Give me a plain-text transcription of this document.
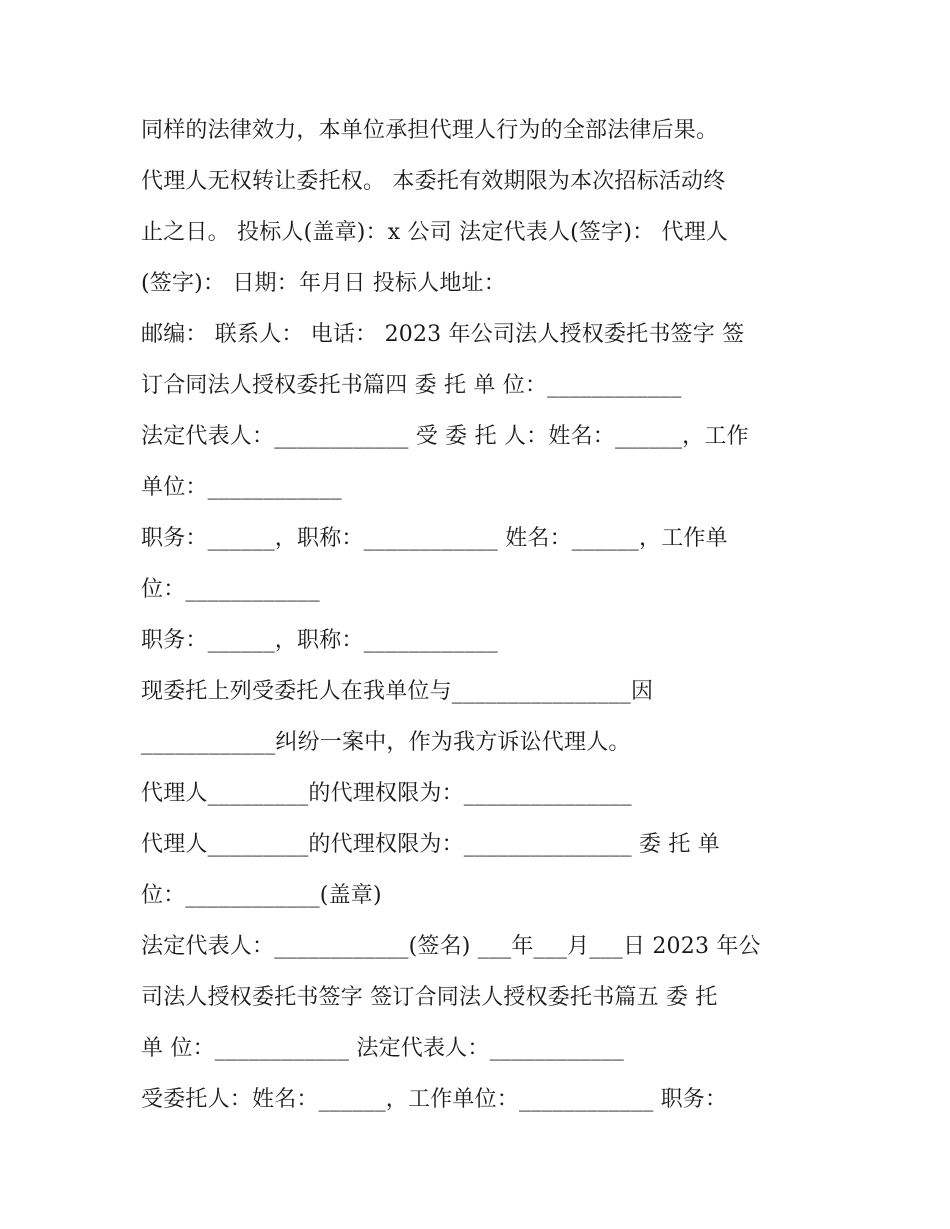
同样的法律效力，本单位承担代理人行为的全部法律后果。
代理人无权转让委托权。 本委托有效期限为本次招标活动终
止之日。 投标人(盖章)：x 公司 法定代表人(签字)： 代理人
(签字)： 日期：年月日 投标人地址：
邮编： 联系人： 电话： 2023 年公司法人授权委托书签字 签
订合同法人授权委托书篇四 委 托 单 位：____________
法定代表人：____________ 受 委 托 人：姓名：______，工作
单位：____________
职务：______，职称：____________ 姓名：______，工作单
位：____________
职务：______，职称：____________
现委托上列受委托人在我单位与________________因
____________纠纷一案中，作为我方诉讼代理人。
代理人_________的代理权限为：_______________
代理人_________的代理权限为：_______________ 委 托 单
位：____________(盖章)
法定代表人：____________(签名) ___年___月___日 2023 年公
司法人授权委托书签字 签订合同法人授权委托书篇五 委 托
单 位：____________ 法定代表人：____________
受委托人：姓名：______，工作单位：____________ 职务：
